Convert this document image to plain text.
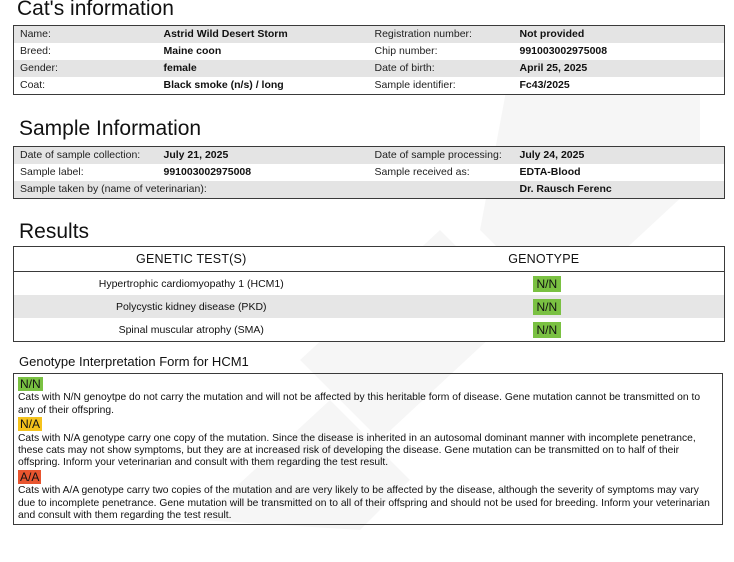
Cat's information
Name:	Astrid Wild Desert Storm	Registration number:	Not provided
Breed:	Maine coon	Chip number:	991003002975008
Gender:	female	Date of birth:	April 25, 2025
Coat:	Black smoke (n/s) / long	Sample identifier:	Fc43/2025
Sample Information
Date of sample collection:	July 21, 2025	Date of sample processing:	July 24, 2025
Sample label:	991003002975008	Sample received as:	EDTA-Blood
Sample taken by (name of veterinarian):			Dr. Rausch Ferenc
Results
GENETIC TEST(S)	GENOTYPE
Hypertrophic cardiomyopathy 1 (HCM1)	N/N
Polycystic kidney disease (PKD)	N/N
Spinal muscular atrophy (SMA)	N/N
Genotype Interpretation Form for HCM1
N/N

Cats with N/N genoytpe do not carry the mutation and will not be affected by this heritable form of disease. Gene mutation cannot be transmitted on to any of their offspring.

N/A

Cats with N/A genotype carry one copy of the mutation. Since the disease is inherited in an autosomal dominant manner with incomplete penetrance, these cats may not show symptoms, but they are at increased risk of developing the disease. Gene mutation can be transmitted on to half of their offspring. Inform your veterinarian and consult with them regarding the test result.

A/A

Cats with A/A genotype carry two copies of the mutation and are very likely to be affected by the disease, although the severity of symptoms may vary due to incomplete penetrance. Gene mutation will be transmitted on to all of their offspring and should not be used for breeding. Inform your veterinarian and consult with them regarding the test result.
